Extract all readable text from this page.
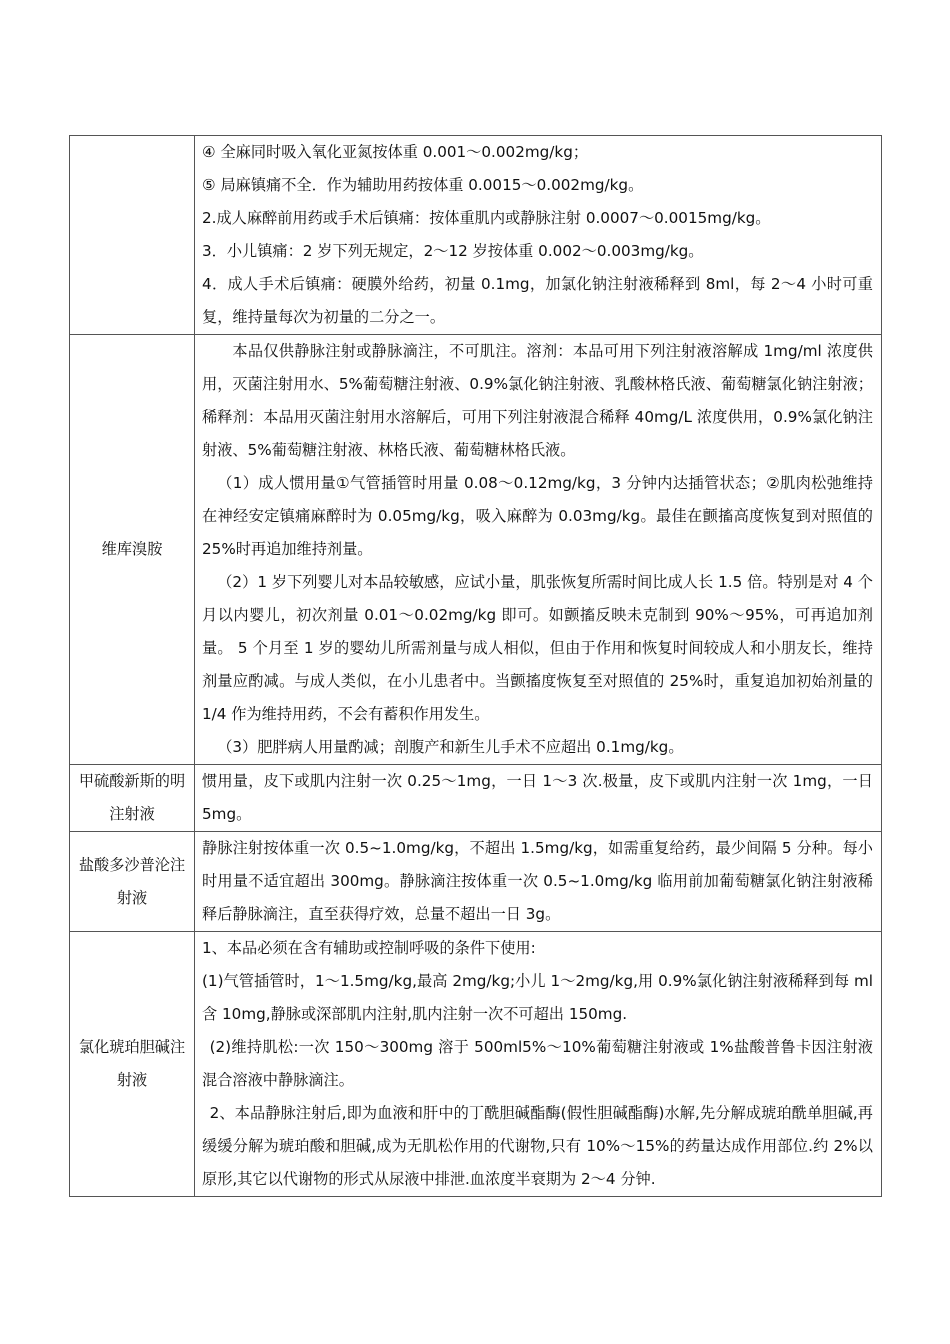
	④ 全麻同时吸入氧化亚氮按体重 0.001～0.002mg/kg；

⑤ 局麻镇痛不全．作为辅助用药按体重 0.0015～0.002mg/kg。

2.成人麻醉前用药或手术后镇痛：按体重肌内或静脉注射 0.0007～0.0015mg/kg。

3．小儿镇痛：2 岁下列无规定，2～12 岁按体重 0.002～0.003mg/kg。

4．成人手术后镇痛：硬膜外给药，初量 0.1mg，加氯化钠注射液稀释到 8ml，每 2～4 小时可重复，维持量每次为初量的二分之一。

维库溴胺	本品仅供静脉注射或静脉滴注，不可肌注。溶剂：本品可用下列注射液溶解成 1mg/ml 浓度供用，灭菌注射用水、5%葡萄糖注射液、0.9%氯化钠注射液、乳酸林格氏液、葡萄糖氯化钠注射液；稀释剂：本品用灭菌注射用水溶解后，可用下列注射液混合稀释 40mg/L 浓度供用，0.9%氯化钠注射液、5%葡萄糖注射液、林格氏液、葡萄糖林格氏液。

（1）成人惯用量①气管插管时用量 0.08～0.12mg/kg，3 分钟内达插管状态；②肌肉松弛维持在神经安定镇痛麻醉时为 0.05mg/kg，吸入麻醉为 0.03mg/kg。最佳在颤搐高度恢复到对照值的 25%时再追加维持剂量。

（2）1 岁下列婴儿对本品较敏感，应试小量，肌张恢复所需时间比成人长 1.5 倍。特别是对 4 个月以内婴儿，初次剂量 0.01～0.02mg/kg 即可。如颤搐反映未克制到 90%～95%，可再追加剂量。 5 个月至 1 岁的婴幼儿所需剂量与成人相似，但由于作用和恢复时间较成人和小朋友长，维持剂量应酌减。与成人类似，在小儿患者中。当颤搐度恢复至对照值的 25%时，重复追加初始剂量的 1/4 作为维持用药，不会有蓄积作用发生。

（3）肥胖病人用量酌减；剖腹产和新生儿手术不应超出 0.1mg/kg。

甲硫酸新斯的明注射液	惯用量，皮下或肌内注射一次 0.25～1mg，一日 1～3 次.极量，皮下或肌内注射一次 1mg，一日 5mg。

盐酸多沙普沦注射液	静脉注射按体重一次 0.5~1.0mg/kg，不超出 1.5mg/kg，如需重复给药，最少间隔 5 分种。每小时用量不适宜超出 300mg。静脉滴注按体重一次 0.5~1.0mg/kg 临用前加葡萄糖氯化钠注射液稀释后静脉滴注，直至获得疗效，总量不超出一日 3g。

氯化琥珀胆碱注射液	1、本品必须在含有辅助或控制呼吸的条件下使用:

(1)气管插管时，1～1.5mg/kg,最高 2mg/kg;小儿 1～2mg/kg,用 0.9%氯化钠注射液稀释到每 ml 含 10mg,静脉或深部肌内注射,肌内注射一次不可超出 150mg.

(2)维持肌松:一次 150～300mg 溶于 500ml5%～10%葡萄糖注射液或 1%盐酸普鲁卡因注射液混合溶液中静脉滴注。

2、本品静脉注射后,即为血液和肝中的丁酰胆碱酯酶(假性胆碱酯酶)水解,先分解成琥珀酰单胆碱,再缓缓分解为琥珀酸和胆碱,成为无肌松作用的代谢物,只有 10%～15%的药量达成作用部位.约 2%以原形,其它以代谢物的形式从尿液中排泄.血浓度半衰期为 2～4 分钟.
